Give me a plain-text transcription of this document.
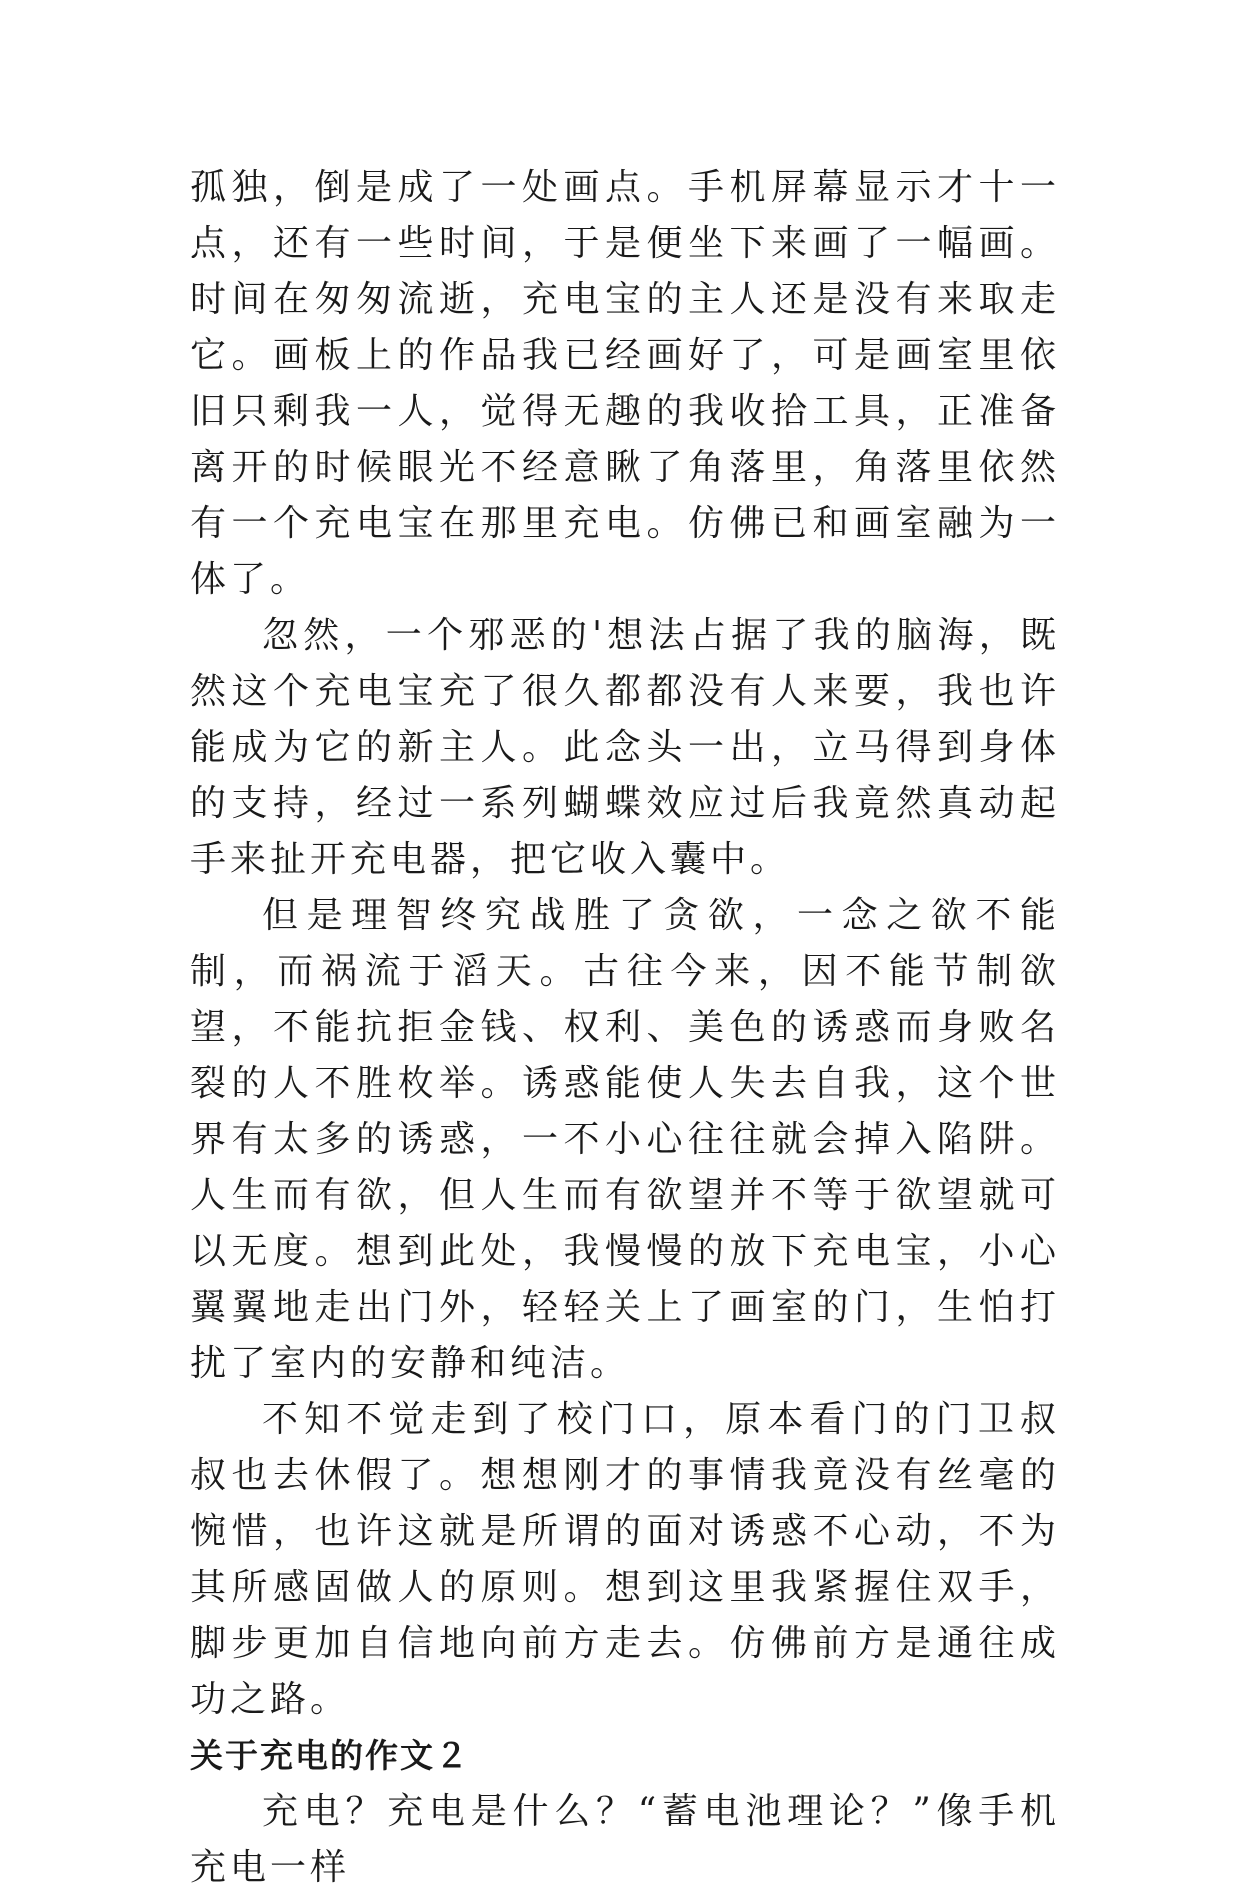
孤独，倒是成了一处画点。手机屏幕显示才十一点，还有一些时间，于是便坐下来画了一幅画。时间在匆匆流逝，充电宝的主人还是没有来取走它。画板上的作品我已经画好了，可是画室里依旧只剩我一人，觉得无趣的我收拾工具，正准备离开的时候眼光不经意瞅了角落里，角落里依然有一个充电宝在那里充电。仿佛已和画室融为一体了。

忽然，一个邪恶的'想法占据了我的脑海，既然这个充电宝充了很久都都没有人来要，我也许能成为它的新主人。此念头一出，立马得到身体的支持，经过一系列蝴蝶效应过后我竟然真动起手来扯开充电器，把它收入囊中。

但是理智终究战胜了贪欲，一念之欲不能制，而祸流于滔天。古往今来，因不能节制欲望，不能抗拒金钱、权利、美色的诱惑而身败名裂的人不胜枚举。诱惑能使人失去自我，这个世界有太多的诱惑，一不小心往往就会掉入陷阱。人生而有欲，但人生而有欲望并不等于欲望就可以无度。想到此处，我慢慢的放下充电宝，小心翼翼地走出门外，轻轻关上了画室的门，生怕打扰了室内的安静和纯洁。

不知不觉走到了校门口，原本看门的门卫叔叔也去休假了。想想刚才的事情我竟没有丝毫的惋惜，也许这就是所谓的面对诱惑不心动，不为其所感固做人的原则。想到这里我紧握住双手，脚步更加自信地向前方走去。仿佛前方是通往成功之路。

关于充电的作文２

充电？充电是什么？“蓄电池理论？”像手机充电一样
